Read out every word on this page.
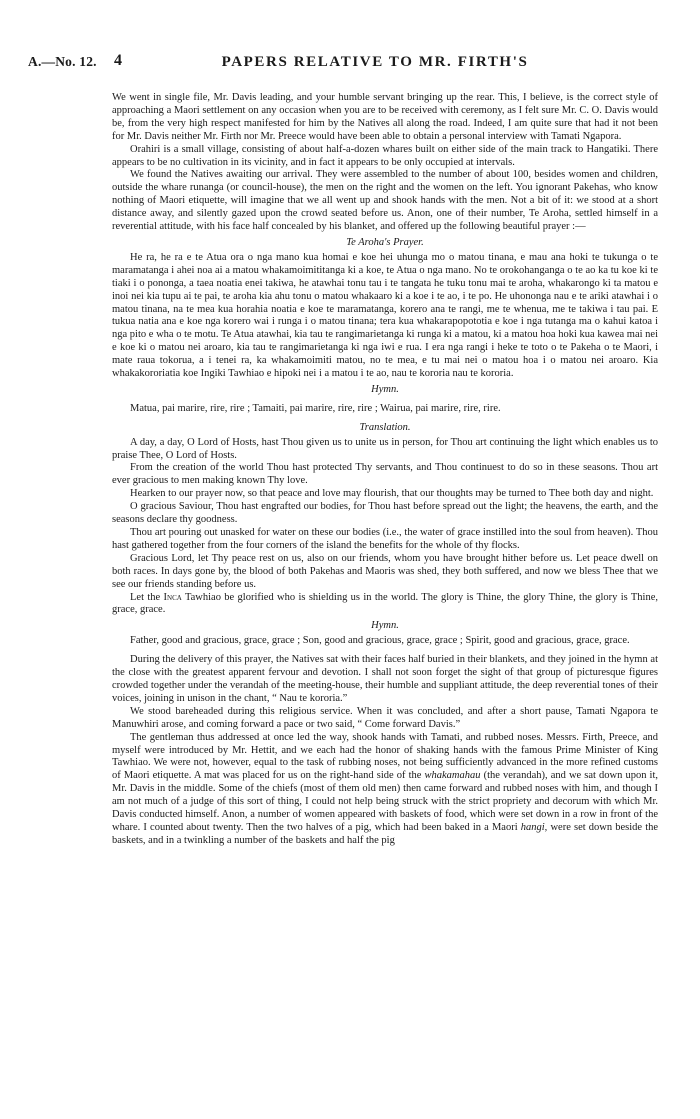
A.—No. 12. 4	PAPERS RELATIVE TO MR. FIRTH'S

We went in single file, Mr. Davis leading, and your humble servant bringing up the rear. This, I believe, is the correct style of approaching a Maori settlement on any occasion when you are to be received with ceremony, as I felt sure Mr. C. O. Davis would be, from the very high respect manifested for him by the Natives all along the road. Indeed, I am quite sure that had it not been for Mr. Davis neither Mr. Firth nor Mr. Preece would have been able to obtain a personal interview with Tamati Ngapora.

Orahiri is a small village, consisting of about half-a-dozen whares built on either side of the main track to Hangatiki. There appears to be no cultivation in its vicinity, and in fact it appears to be only occupied at intervals.

We found the Natives awaiting our arrival. They were assembled to the number of about 100, besides women and children, outside the whare runanga (or council-house), the men on the right and the women on the left. You ignorant Pakehas, who know nothing of Maori etiquette, will imagine that we all went up and shook hands with the men. Not a bit of it: we stood at a short distance away, and silently gazed upon the crowd seated before us. Anon, one of their number, Te Aroha, settled himself in a reverential attitude, with his face half concealed by his blanket, and offered up the following beautiful prayer :—

Te Aroha's Prayer.

He ra, he ra e te Atua ora o nga mano kua homai e koe hei uhunga mo o matou tinana, e mau ana hoki te tukunga o te maramatanga i ahei noa ai a matou whakamoimititanga ki a koe, te Atua o nga mano. No te orokohanganga o te ao ka tu koe ki te tiaki i o pononga, a taea noatia enei takiwa, he atawhai tonu tau i te tangata he tuku tonu mai te aroha, whakarongo ki ta matou e inoi nei kia tupu ai te pai, te aroha kia ahu tonu o matou whakaaro ki a koe i te ao, i te po. He uhonongа nau e te ariki atawhai i o matou tinana, na te mea kua horahia noatia e koe te maramatanga, korero ana te rangi, me te whenua, me te takiwa i tau pai. E tukua natia ana e koe nga korero wai i runga i o matou tinana; tera kua whakarapopototia e koe i nga tutanga ma o kahui katoa i nga pito e wha o te motu. Te Atua atawhai, kia tau te rangimarietanga ki runga ki a matou, ki a matou hoa hoki kua kawea mai nei e koe ki o matou nei aroaro, kia tau te rangimarietanga ki nga iwi e rua. I era nga rangi i heke te toto o te Pakeha o te Maori, i mate raua tokorua, a i tenei ra, ka whakamoimiti matou, no te mea, e tu mai nei o matou hoa i o matou nei aroaro. Kia whakakororiatia koe Ingiki Tawhiao e hipoki nei i a matou i te ao, nau te kororia nau te kororia.

Hymn.

Matua, pai marire, rire, rire ; Tamaiti, pai marire, rire, rire ; Wairua, pai marire, rire, rire.

Translation.

A day, a day, O Lord of Hosts, hast Thou given us to unite us in person, for Thou art continuing the light which enables us to praise Thee, O Lord of Hosts.

From the creation of the world Thou hast protected Thy servants, and Thou continuest to do so in these seasons. Thou art ever gracious to men making known Thy love.

Hearken to our prayer now, so that peace and love may flourish, that our thoughts may be turned to Thee both day and night.

O gracious Saviour, Thou hast engrafted our bodies, for Thou hast before spread out the light; the heavens, the earth, and the seasons declare thy goodness.

Thou art pouring out unasked for water on these our bodies (i.e., the water of grace instilled into the soul from heaven). Thou hast gathered together from the four corners of the island the benefits for the whole of thy flocks.

Gracious Lord, let Thy peace rest on us, also on our friends, whom you have brought hither before us. Let peace dwell on both races. In days gone by, the blood of both Pakehas and Maoris was shed, they both suffered, and now we bless Thee that we see our friends standing before us.

Let the Inca Tawhiao be glorified who is shielding us in the world. The glory is Thine, the glory Thine, the glory is Thine, grace, grace.

Hymn.

Father, good and gracious, grace, grace ; Son, good and gracious, grace, grace ; Spirit, good and gracious, grace, grace.

During the delivery of this prayer, the Natives sat with their faces half buried in their blankets, and they joined in the hymn at the close with the greatest apparent fervour and devotion. I shall not soon forget the sight of that group of picturesque figures crowded together under the verandah of the meeting-house, their humble and suppliant attitude, the deep reverential tones of their voices, joining in unison in the chant, “ Nau te kororia.”

We stood bareheaded during this religious service. When it was concluded, and after a short pause, Tamati Ngapora te Manuwhiri arose, and coming forward a pace or two said, “ Come forward Davis.”

The gentleman thus addressed at once led the way, shook hands with Tamati, and rubbed noses. Messrs. Firth, Preece, and myself were introduced by Mr. Hettit, and we each had the honor of shaking hands with the famous Prime Minister of King Tawhiao. We were not, however, equal to the task of rubbing noses, not being sufficiently advanced in the more refined customs of Maori etiquette. A mat was placed for us on the right-hand side of the whakamahau (the verandah), and we sat down upon it, Mr. Davis in the middle. Some of the chiefs (most of them old men) then came forward and rubbed noses with him, and though I am not much of a judge of this sort of thing, I could not help being struck with the strict propriety and decorum with which Mr. Davis conducted himself. Anon, a number of women appeared with baskets of food, which were set down in a row in front of the whare. I counted about twenty. Then the two halves of a pig, which had been baked in a Maori hangi, were set down beside the baskets, and in a twinkling a number of the baskets and half the pig
